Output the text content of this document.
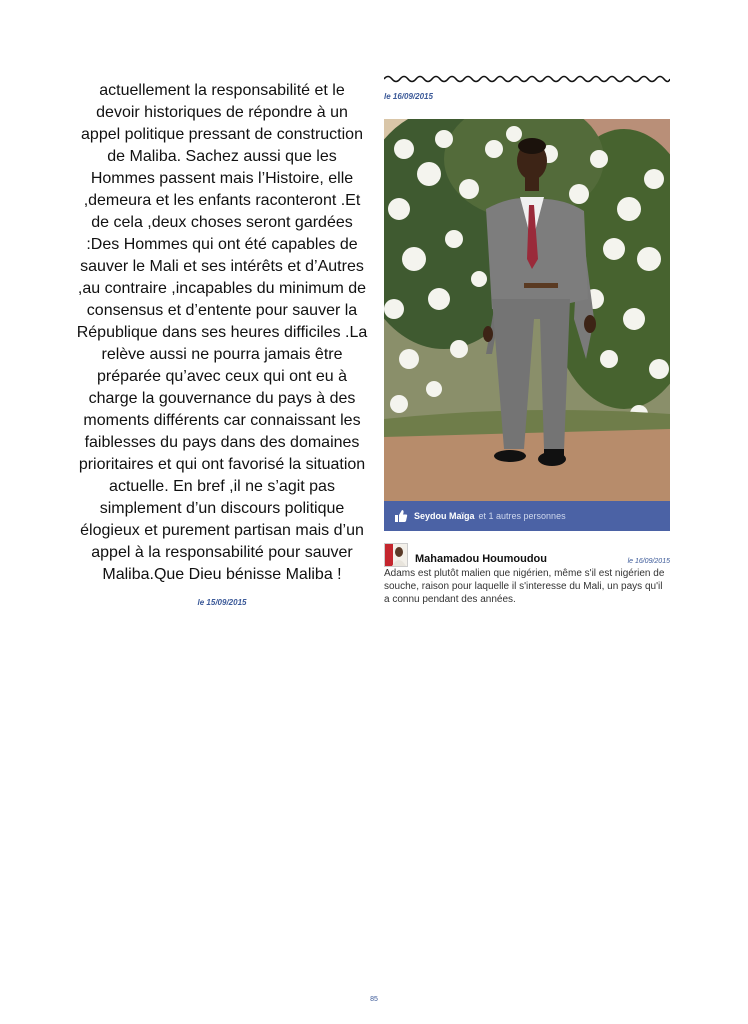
actuellement la responsabilité et le devoir historiques de répondre à un appel politique pressant de construction de Maliba. Sachez aussi que les Hommes passent mais l’Histoire, elle ,demeura et les enfants raconteront .Et de cela ,deux choses seront gardées :Des Hommes qui ont été capables de sauver le Mali et ses intérêts et d’Autres ,au contraire ,incapables du minimum de consensus et d’entente pour sauver la République dans ses heures difficiles .La relève aussi ne pourra jamais être préparée qu’avec ceux qui ont eu à charge la gouvernance du pays à des moments différents car connaissant les faiblesses du pays dans des domaines prioritaires et qui ont favorisé la situation actuelle. En bref ,il ne s’agit pas simplement d’un discours politique élogieux et purement partisan mais d’un appel à la responsabilité pour sauver Maliba.Que Dieu bénisse Maliba !

le 15/09/2015
le 16/09/2015
Seydou Maïga et 1 autres personnes
Mahamadou Houmoudou	le 16/09/2015

Adams est plutôt malien que nigérien, même s'il est nigérien de souche, raison pour laquelle il s'interesse du Mali, un pays qu'il a connu pendant des années.

85
